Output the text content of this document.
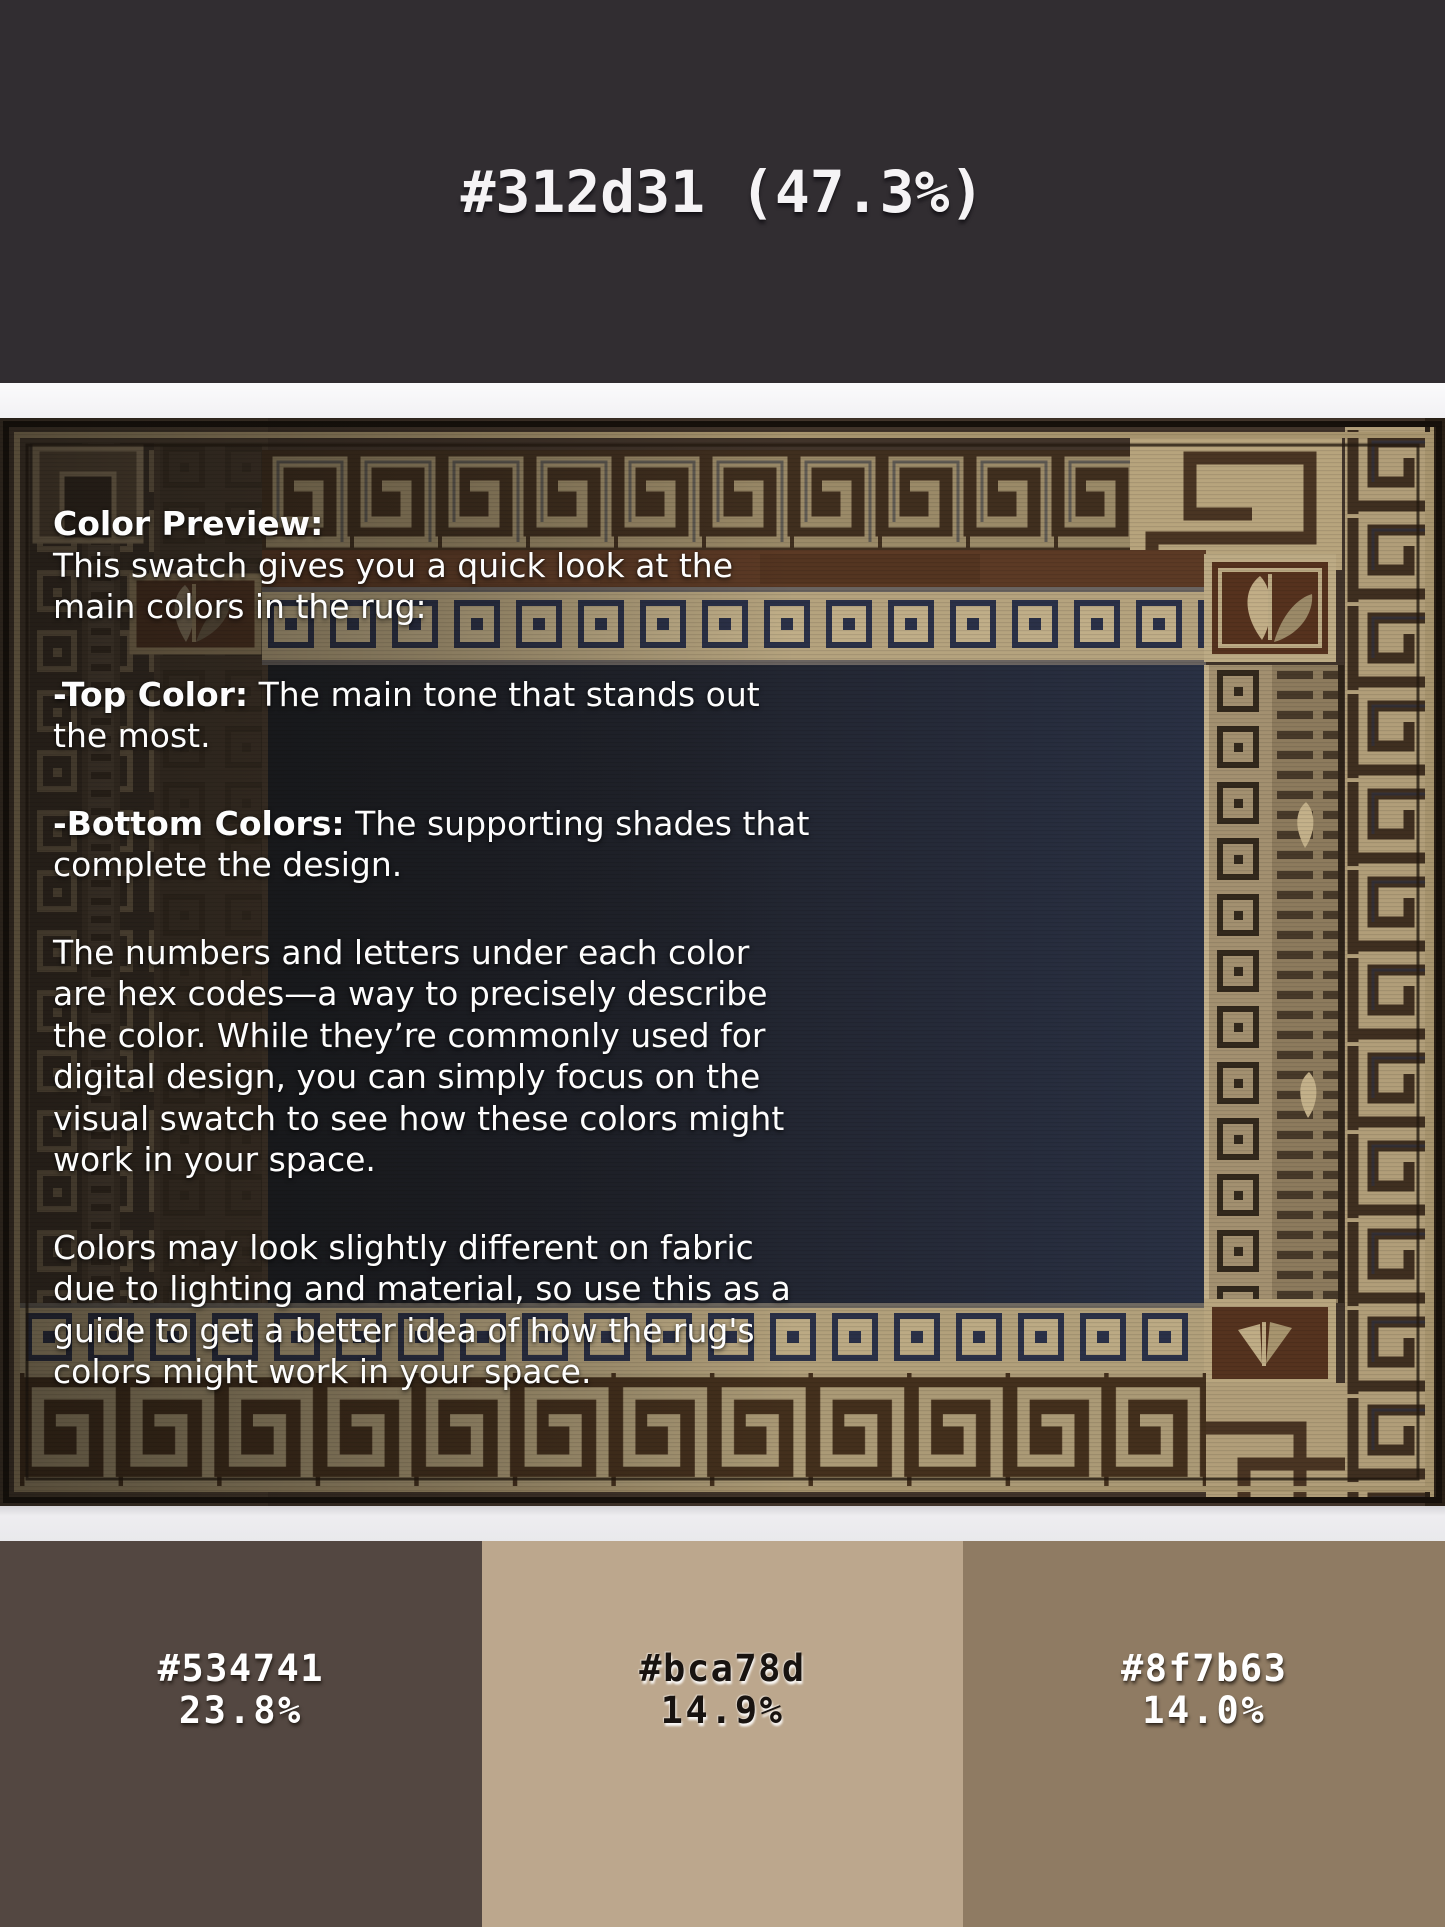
#312d31 (47.3%)
Color Preview:
This swatch gives you a quick look at the
main colors in the rug:
-Top Color: The main tone that stands out
the most.
-Bottom Colors: The supporting shades that
complete the design.
The numbers and letters under each color
are hex codes—a way to precisely describe
the color. While they’re commonly used for
digital design, you can simply focus on the
visual swatch to see how these colors might
work in your space.
Colors may look slightly different on fabric
due to lighting and material, so use this as a
guide to get a better idea of how the rug's
colors might work in your space.
#534741
23.8%
#bca78d
14.9%
#8f7b63
14.0%
